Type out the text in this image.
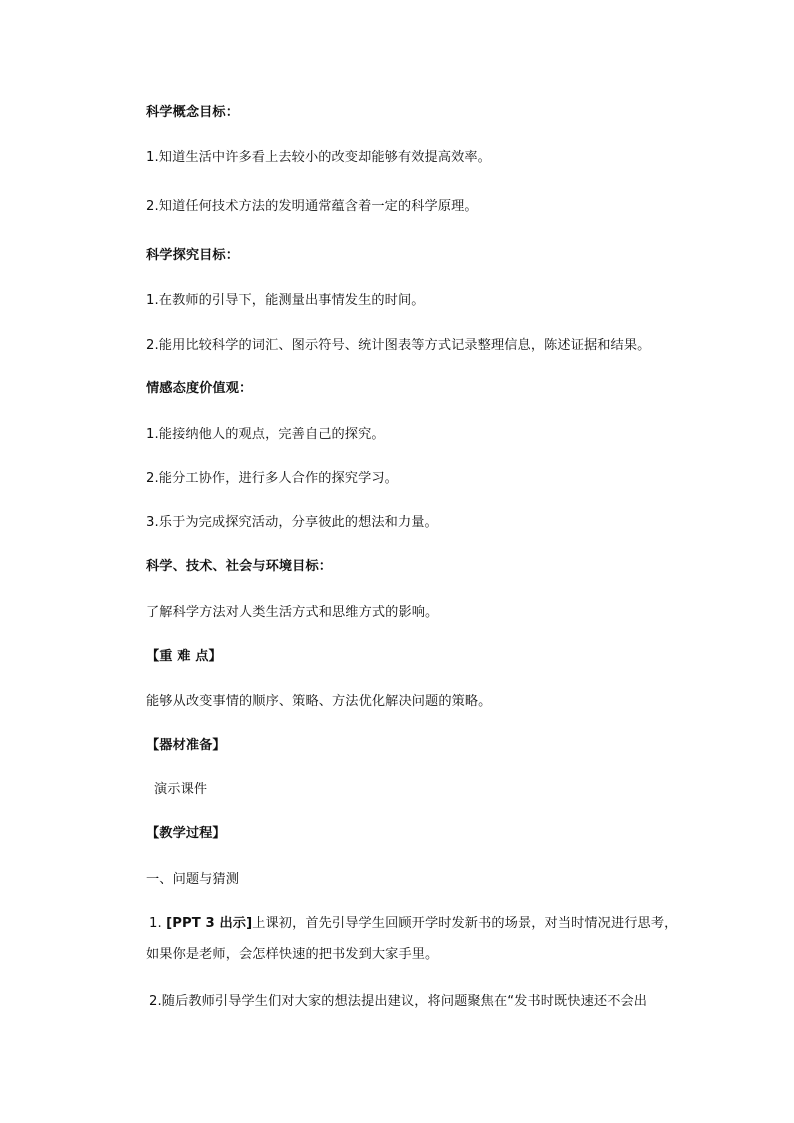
科学概念目标：
1.知道生活中许多看上去较小的改变却能够有效提高效率。
2.知道任何技术方法的发明通常蕴含着一定的科学原理。
科学探究目标：
1.在教师的引导下，能测量出事情发生的时间。
2.能用比较科学的词汇、图示符号、统计图表等方式记录整理信息，陈述证据和结果。
情感态度价值观：
1.能接纳他人的观点，完善自己的探究。
2.能分工协作，进行多人合作的探究学习。
3.乐于为完成探究活动，分享彼此的想法和力量。
科学、技术、社会与环境目标：
了解科学方法对人类生活方式和思维方式的影响。
【重 难 点】
能够从改变事情的顺序、策略、方法优化解决问题的策略。
【器材准备】
演示课件
【教学过程】
一、问题与猜测
1. [PPT 3 出示]上课初，首先引导学生回顾开学时发新书的场景，对当时情况进行思考，
如果你是老师，会怎样快速的把书发到大家手里。
2.随后教师引导学生们对大家的想法提出建议，将问题聚焦在“发书时既快速还不会出
